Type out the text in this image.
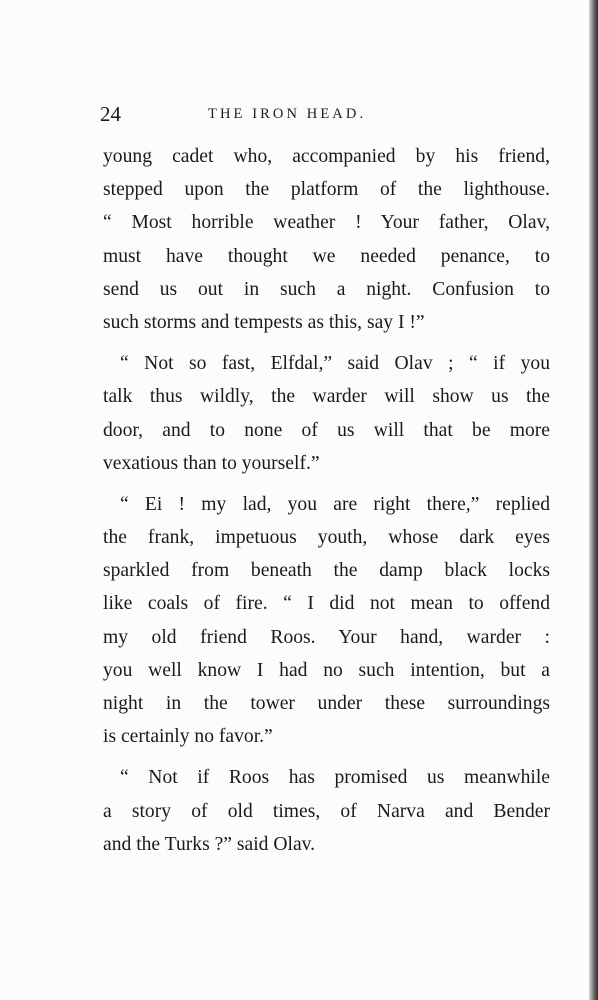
24	THE IRON HEAD.
young cadet who, accompanied by his friend,
stepped upon the platform of the lighthouse.
“ Most horrible weather ! Your father, Olav,
must have thought we needed penance, to
send us out in such a night. Confusion to
such storms and tempests as this, say I !”
“ Not so fast, Elfdal,” said Olav ; “ if you
talk thus wildly, the warder will show us the
door, and to none of us will that be more
vexatious than to yourself.”
“ Ei ! my lad, you are right there,” replied
the frank, impetuous youth, whose dark eyes
sparkled from beneath the damp black locks
like coals of fire. “ I did not mean to offend
my old friend Roos. Your hand, warder :
you well know I had no such intention, but a
night in the tower under these surroundings
is certainly no favor.”
“ Not if Roos has promised us meanwhile
a story of old times, of Narva and Bender
and the Turks ?” said Olav.
